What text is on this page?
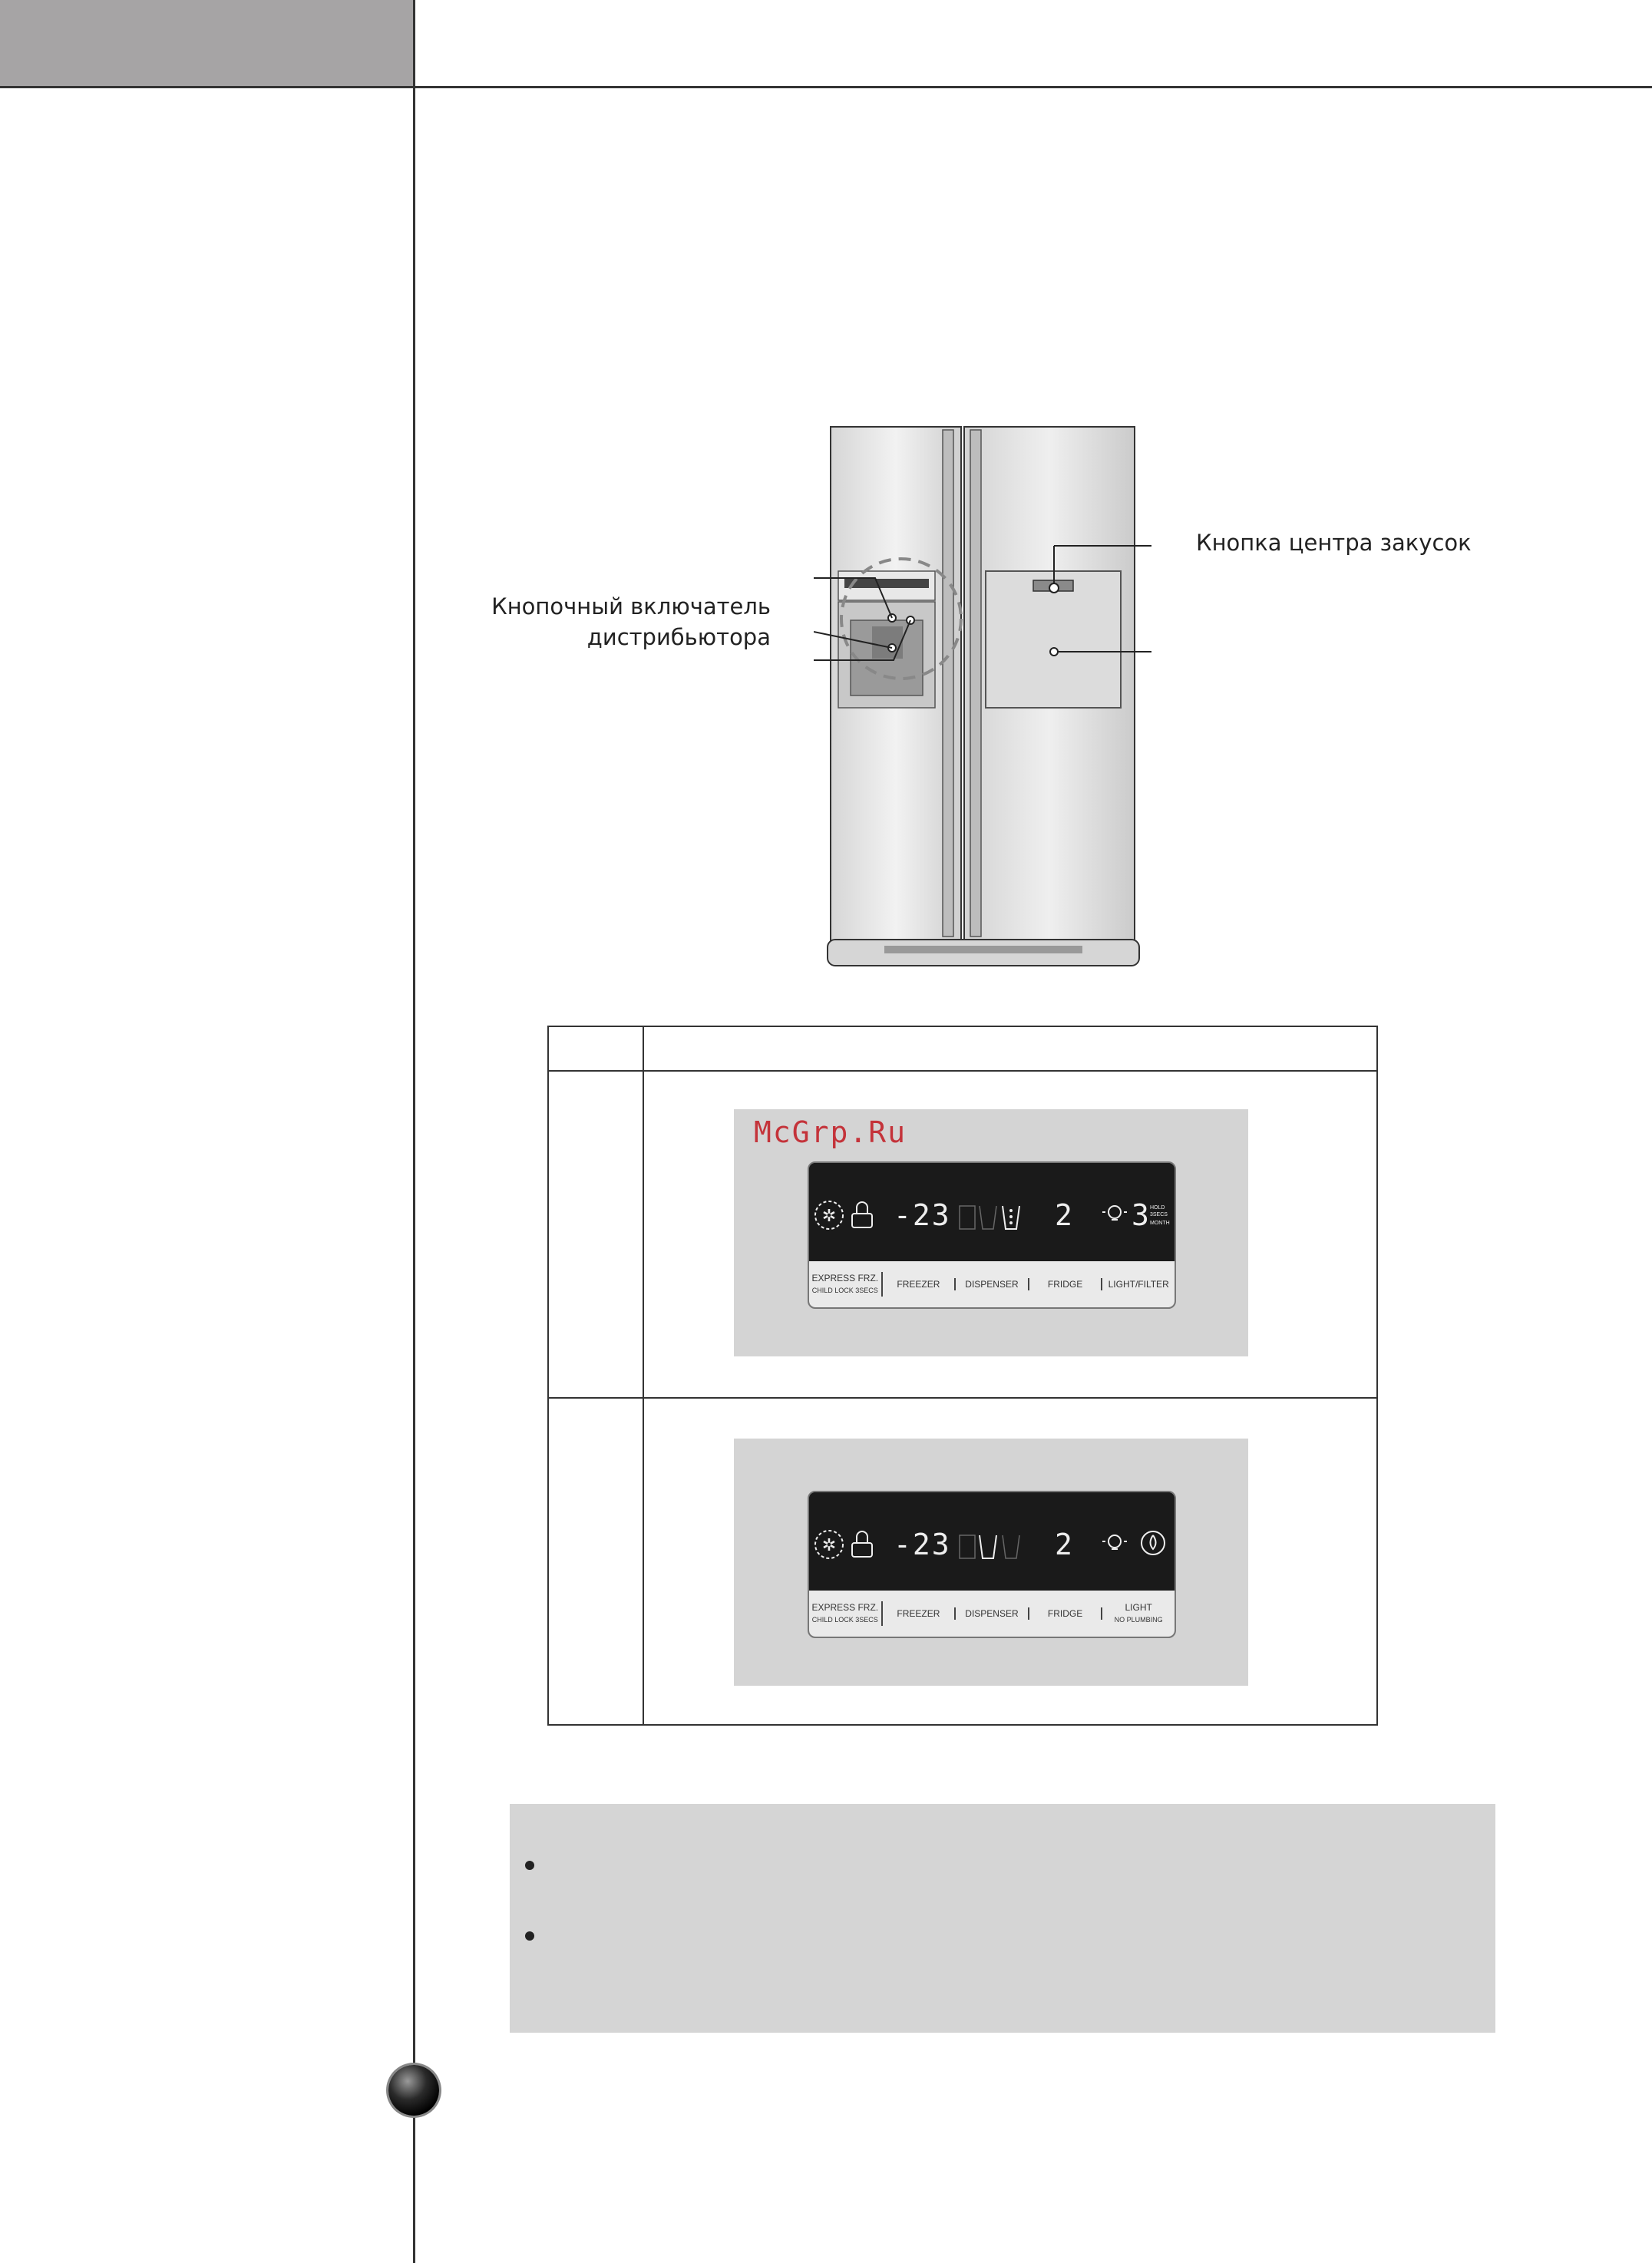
Кнопочный включатель
дистрибьютора
Кнопка центра закусок
McGrp.Ru
✲	HOLD
3SECS
MONTH
-23	2 3
EXPRESS FRZ.
CHILD LOCK 3SECS
FREEZER	DISPENSER	FRIDGE	LIGHT/FILTER
✲ -23	2
EXPRESS FRZ.
CHILD LOCK 3SECS
FREEZER	DISPENSER	FRIDGE
LIGHT
NO PLUMBING
